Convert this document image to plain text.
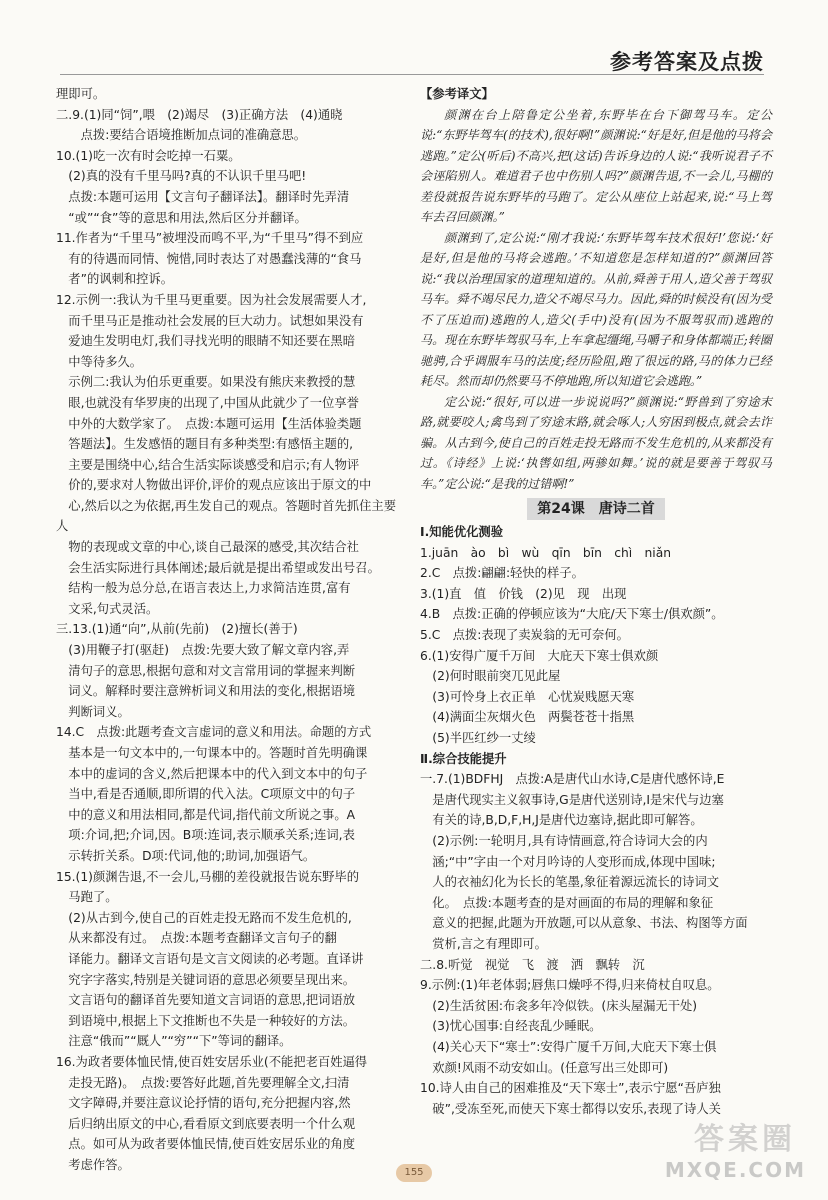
参考答案及点拨

理即可。

二.9.(1)同“饲”,喂　(2)竭尽　(3)正确方法　(4)通晓

　　点拨:要结合语境推断加点词的准确意思。

10.(1)吃一次有时会吃掉一石粟。

　(2)真的没有千里马吗?真的不认识千里马吧!

　点拨:本题可运用【文言句子翻译法】。翻译时先弄清

　“或”“食”等的意思和用法,然后区分并翻译。

11.作者为“千里马”被埋没而鸣不平,为“千里马”得不到应

　有的待遇而同情、惋惜,同时表达了对愚蠢浅薄的“食马

　者”的讽刺和控诉。

12.示例一:我认为千里马更重要。因为社会发展需要人才,

　而千里马正是推动社会发展的巨大动力。试想如果没有

　爱迪生发明电灯,我们寻找光明的眼睛不知还要在黑暗

　中等待多久。

　示例二:我认为伯乐更重要。如果没有熊庆来教授的慧

　眼,也就没有华罗庚的出现了,中国从此就少了一位享誉

　中外的大数学家了。　点拨:本题可运用【生活体验类题

　答题法】。生发感悟的题目有多种类型:有感悟主题的,

　主要是围绕中心,结合生活实际谈感受和启示;有人物评

　价的,要求对人物做出评价,评价的观点应该出于原文的中

　心,然后以之为依据,再生发自己的观点。答题时首先抓住主要人

　物的表现或文章的中心,谈自己最深的感受,其次结合社

　会生活实际进行具体阐述;最后就是提出希望或发出号召。

　结构一般为总分总,在语言表达上,力求简洁连贯,富有

　文采,句式灵活。

三.13.(1)通“向”,从前(先前)　(2)擅长(善于)

　(3)用鞭子打(驱赶)　点拨:先要大致了解文章内容,弄

　清句子的意思,根据句意和对文言常用词的掌握来判断

　词义。解释时要注意辨析词义和用法的变化,根据语境

　判断词义。

14.C　点拨:此题考查文言虚词的意义和用法。命题的方式

　基本是一句文本中的,一句课本中的。答题时首先明确课

　本中的虚词的含义,然后把课本中的代入到文本中的句子

　当中,看是否通顺,即所谓的代入法。C项原文中的句子

　中的意义和用法相同,都是代词,指代前文所说之事。A

　项:介词,把;介词,因。B项:连词,表示顺承关系;连词,表

　示转折关系。D项:代词,他的;助词,加强语气。

15.(1)颜渊告退,不一会儿,马棚的差役就报告说东野毕的

　马跑了。

　(2)从古到今,使自己的百姓走投无路而不发生危机的,

　从来都没有过。　点拨:本题考查翻译文言句子的翻

　译能力。翻译文言语句是文言文阅读的必考题。直译讲

　究字字落实,特别是关键词语的意思必须要呈现出来。

　文言语句的翻译首先要知道文言词语的意思,把词语放

　到语境中,根据上下文推断也不失是一种较好的方法。

　注意“俄而”“厩人”“穷”“下”等词的翻译。

16.为政者要体恤民情,使百姓安居乐业(不能把老百姓逼得

　走投无路)。　点拨:要答好此题,首先要理解全文,扫清

　文字障碍,并要注意议论抒情的语句,充分把握内容,然

　后归纳出原文的中心,看看原文到底要表明一个什么观

　点。如可从为政者要体恤民情,使百姓安居乐业的角度

　考虑作答。

【参考译文】

颜渊在台上陪鲁定公坐着,东野毕在台下御驾马车。定公说:“东野毕驾车(的技术),很好啊!”颜渊说:“好是好,但是他的马将会逃跑。”定公(听后)不高兴,把(这话)告诉身边的人说:“我听说君子不会诬陷别人。难道君子也中伤别人吗?”颜渊告退,不一会儿,马棚的差役就报告说东野毕的马跑了。定公从座位上站起来,说:“马上驾车去召回颜渊。”

颜渊到了,定公说:“刚才我说:‘东野毕驾车技术很好!’您说:‘好是好,但是他的马将会逃跑。’不知道您是怎样知道的?”颜渊回答说:“我以治理国家的道理知道的。从前,舜善于用人,造父善于驾驭马车。舜不竭尽民力,造父不竭尽马力。因此,舜的时候没有(因为受不了压迫而)逃跑的人,造父(手中)没有(因为不服驾驭而)逃跑的马。现在东野毕驾驭马车,上车拿起缰绳,马嚼子和身体都端正;转圈驰骋,合乎调服车马的法度;经历险阻,跑了很远的路,马的体力已经耗尽。然而却仍然要马不停地跑,所以知道它会逃跑。”

定公说:“很好,可以进一步说说吗?”颜渊说:“野兽到了穷途末路,就要咬人;禽鸟到了穷途末路,就会啄人;人穷困到极点,就会去诈骗。从古到今,使自己的百姓走投无路而不发生危机的,从来都没有过。《诗经》上说:‘执辔如组,两骖如舞。’说的就是要善于驾驭马车。”定公说:“是我的过错啊!”

第24课　 唐诗二首

Ⅰ.知能优化测验

1.juān　ào　bì　wù　qīn　bīn　chì　niǎn

2.C　点拨:翩翩:轻快的样子。

3.(1)直　值　价钱　(2)见　现　出现

4.B　点拨:正确的停顿应该为“大庇/天下寒士/俱欢颜”。

5.C　点拨:表现了卖炭翁的无可奈何。

6.(1)安得广厦千万间　大庇天下寒士俱欢颜

　(2)何时眼前突兀见此屋

　(3)可怜身上衣正单　心忧炭贱愿天寒

　(4)满面尘灰烟火色　两鬓苍苍十指黑

　(5)半匹红纱一丈绫

Ⅱ.综合技能提升

一.7.(1)BDFHJ　点拨:A是唐代山水诗,C是唐代感怀诗,E

　是唐代现实主义叙事诗,G是唐代送别诗,I是宋代与边塞

　有关的诗,B,D,F,H,J是唐代边塞诗,据此即可解答。

　(2)示例:一轮明月,具有诗情画意,符合诗词大会的内

　涵;“中”字由一个对月吟诗的人变形而成,体现中国味;

　人的衣袖幻化为长长的笔墨,象征着源远流长的诗词文

　化。　点拨:本题考查的是对画面的布局的理解和象征

　意义的把握,此题为开放题,可以从意象、书法、构图等方面

　赏析,言之有理即可。

二.8.听觉　视觉　飞　渡　洒　飘转　沉

9.示例:(1)年老体弱;唇焦口燥呼不得,归来倚杖自叹息。

　(2)生活贫困:布衾多年冷似铁。(床头屋漏无干处)

　(3)忧心国事:自经丧乱少睡眠。

　(4)关心天下“寒士”:安得广厦千万间,大庇天下寒士俱

　欢颜!风雨不动安如山。(任意写出三处即可)

10.诗人由自己的困难推及“天下寒士”,表示宁愿“吾庐独

　破”,受冻至死,而使天下寒士都得以安乐,表现了诗人关

155
答案圈
MXQE.COM
